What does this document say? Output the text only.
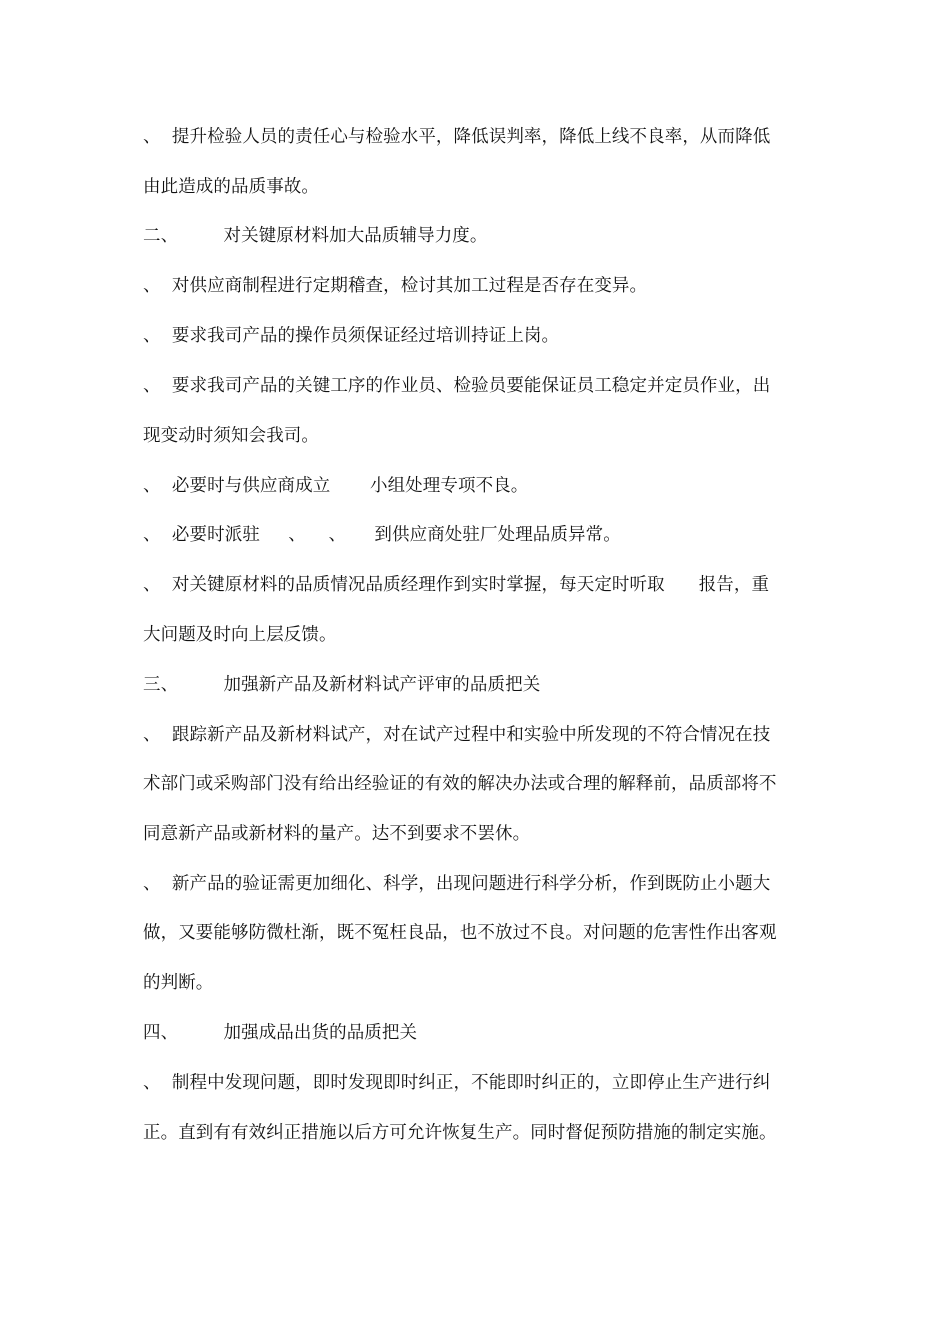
、  提升检验人员的责任心与检验水平，降低误判率，降低上线不良率，从而降低
由此造成的品质事故。
二、        对关键原材料加大品质辅导力度。
、  对供应商制程进行定期稽查，检讨其加工过程是否存在变异。
、  要求我司产品的操作员须保证经过培训持证上岗。
、  要求我司产品的关键工序的作业员、检验员要能保证员工稳定并定员作业，出
现变动时须知会我司。
、  必要时与供应商成立       小组处理专项不良。
、  必要时派驻     、    、     到供应商处驻厂处理品质异常。
、  对关键原材料的品质情况品质经理作到实时掌握，每天定时听取      报告，重
大问题及时向上层反馈。
三、        加强新产品及新材料试产评审的品质把关
、  跟踪新产品及新材料试产，对在试产过程中和实验中所发现的不符合情况在技
术部门或采购部门没有给出经验证的有效的解决办法或合理的解释前，品质部将不
同意新产品或新材料的量产。达不到要求不罢休。
、  新产品的验证需更加细化、科学，出现问题进行科学分析，作到既防止小题大
做，又要能够防微杜渐，既不冤枉良品，也不放过不良。对问题的危害性作出客观
的判断。
四、        加强成品出货的品质把关
、  制程中发现问题，即时发现即时纠正，不能即时纠正的，立即停止生产进行纠
正。直到有有效纠正措施以后方可允许恢复生产。同时督促预防措施的制定实施。
